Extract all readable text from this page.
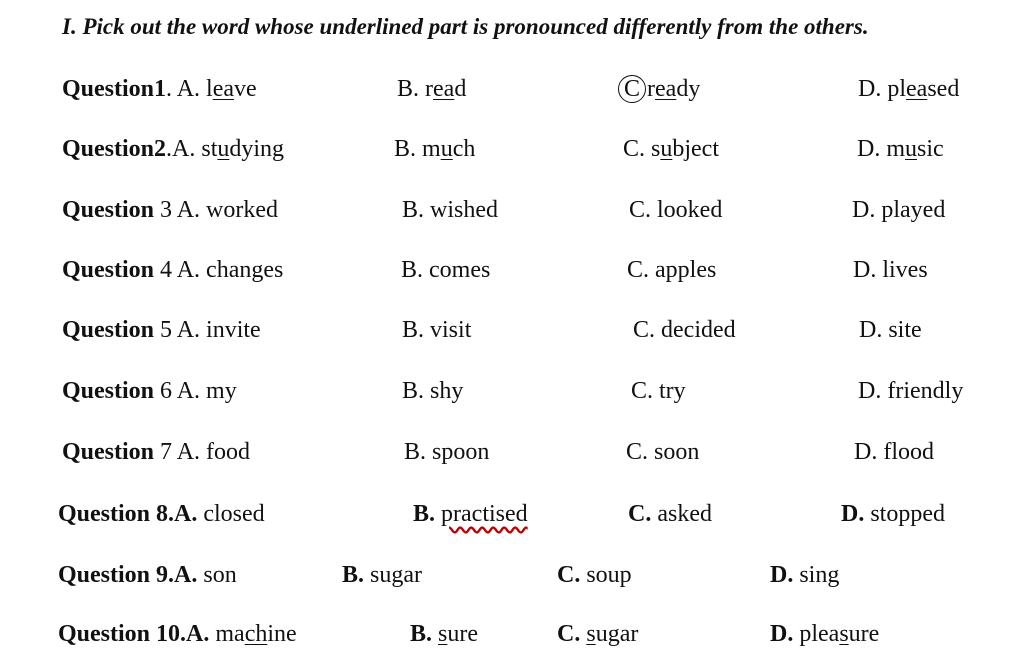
I. Pick out the word whose underlined part is pronounced differently from the others.
Question1. A. leave	B. read	C ready	D. pleased
Question2.A. studying	B. much	C. subject	D. music
Question 3 A. worked	B. wished	C. looked	D. played
Question 4 A. changes	B. comes	C. apples	D. lives
Question 5 A. invite	B. visit	C. decided	D. site
Question 6 A. my	B. shy	C. try	D. friendly
Question 7 A. food	B. spoon	C. soon	D. flood
Question 8.A. closed	B. practised	C. asked	D. stopped
Question 9.A. son	B. sugar	C. soup	D. sing
Question 10.A. machine	B. sure	C. sugar	D. pleasure
